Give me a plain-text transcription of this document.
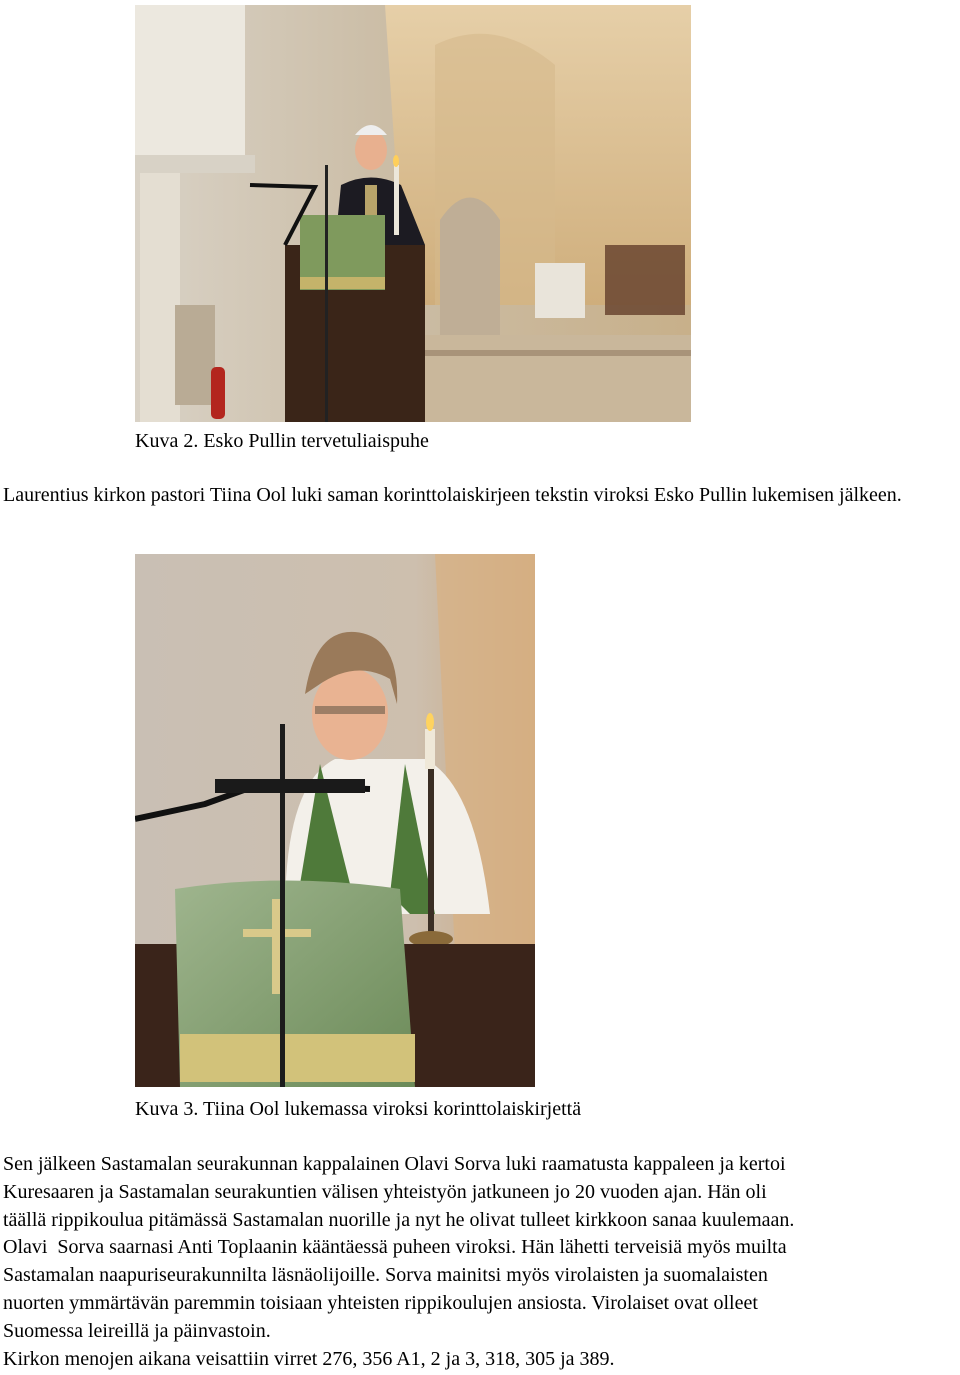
Kuva 2. Esko Pullin tervetuliaispuhe

Laurentius kirkon pastori Tiina Ool luki saman korinttolaiskirjeen tekstin viroksi Esko Pullin lukemisen jälkeen.

Kuva 3. Tiina Ool lukemassa viroksi korinttolaiskirjettä

Sen jälkeen Sastamalan seurakunnan kappalainen Olavi Sorva luki raamatusta kappaleen ja kertoi

Kuresaaren ja Sastamalan seurakuntien välisen yhteistyön jatkuneen jo 20 vuoden ajan. Hän oli

täällä rippikoulua pitämässä Sastamalan nuorille ja nyt he olivat tulleet kirkkoon sanaa kuulemaan.

Olavi  Sorva saarnasi Anti Toplaanin kääntäessä puheen viroksi. Hän lähetti terveisiä myös muilta

Sastamalan naapuriseurakunnilta läsnäolijoille. Sorva mainitsi myös virolaisten ja suomalaisten

nuorten ymmärtävän paremmin toisiaan yhteisten rippikoulujen ansiosta. Virolaiset ovat olleet

Suomessa leireillä ja päinvastoin.

Kirkon menojen aikana veisattiin virret 276, 356 A1, 2 ja 3, 318, 305 ja 389.
